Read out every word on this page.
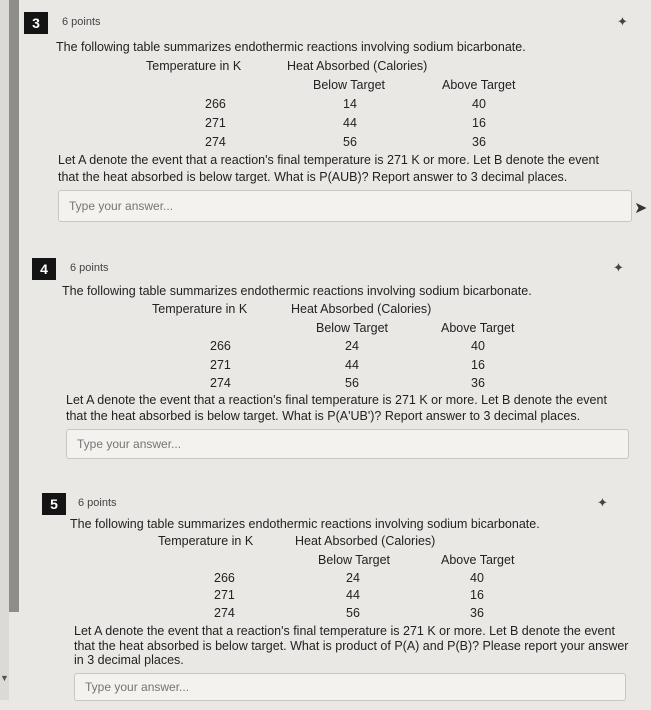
▼
3	6 points	✦
The following table summarizes endothermic reactions involving sodium bicarbonate.
Temperature in K	Heat Absorbed (Calories)
Below Target	Above Target
266	14	40
271	44	16
274	56	36
Let A denote the event that a reaction's final temperature is 271 K or more. Let B denote the event
that the heat absorbed is below target. What is P(AUB)? Report answer to 3 decimal places.
Type your answer...
➤
4	6 points	✦
The following table summarizes endothermic reactions involving sodium bicarbonate.
Temperature in K	Heat Absorbed (Calories)
Below Target	Above Target
266	24	40
271	44	16
274	56	36
Let A denote the event that a reaction's final temperature is 271 K or more. Let B denote the event
that the heat absorbed is below target. What is P(A'UB')? Report answer to 3 decimal places.
Type your answer...
5	6 points	✦
The following table summarizes endothermic reactions involving sodium bicarbonate.
Temperature in K	Heat Absorbed (Calories)
Below Target	Above Target
266	24	40
271	44	16
274	56	36
Let A denote the event that a reaction's final temperature is 271 K or more. Let B denote the event
that the heat absorbed is below target. What is product of P(A) and P(B)? Please report your answer
in 3 decimal places.
Type your answer...
